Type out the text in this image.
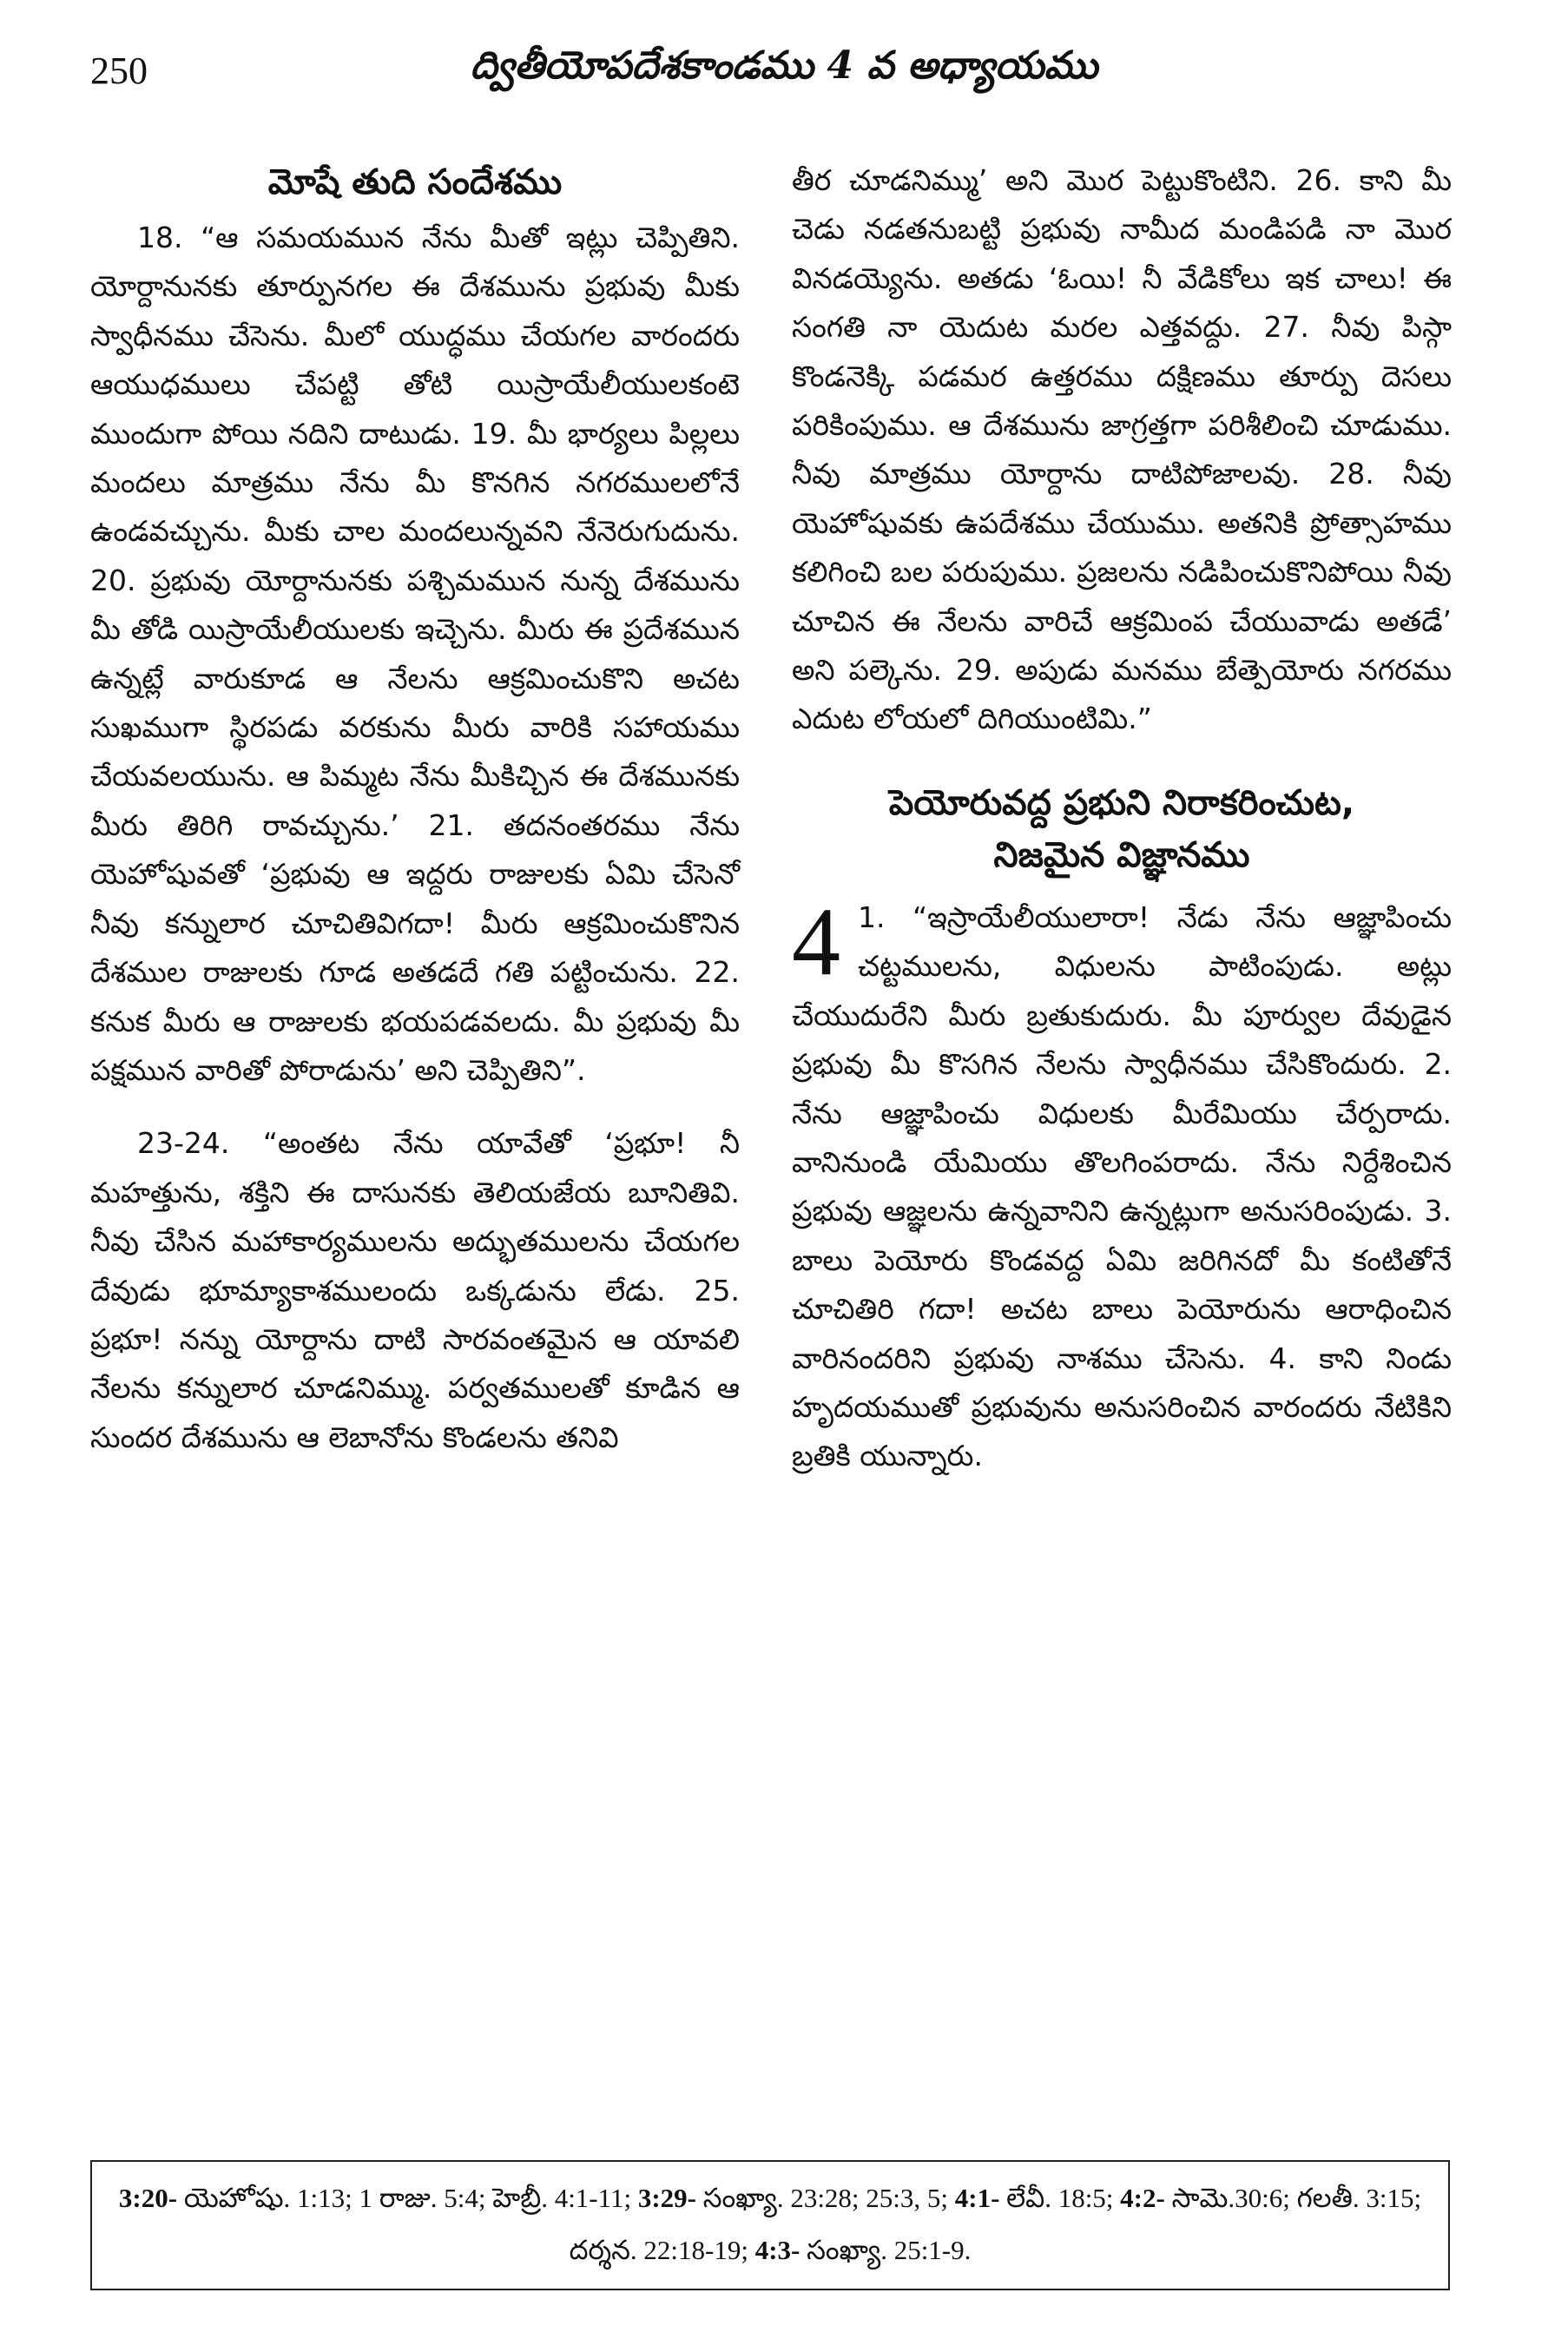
250	ద్వితీయోపదేశకాండము 4 వ అధ్యాయము
మోషే తుది సందేశము

18. “ఆ సమయమున నేను మీతో ఇట్లు చెప్పితిని. యోర్దానునకు తూర్పునగల ఈ దేశమును ప్రభువు మీకు స్వాధీనము చేసెను. మీలో యుద్ధము చేయగల వారందరు ఆయుధములు చేపట్టి తోటి యిస్రాయేలీయులకంటె ముందుగా పోయి నదిని దాటుడు. 19. మీ భార్యలు పిల్లలు మందలు మాత్రము నేను మీ కొనగిన నగరములలోనే ఉండవచ్చును. మీకు చాల మందలున్నవని నేనెరుగుదును. 20. ప్రభువు యోర్దానునకు పశ్చిమమున నున్న దేశమును మీ తోడి యిస్రాయేలీయులకు ఇచ్చెను. మీరు ఈ ప్రదేశమున ఉన్నట్లే వారుకూడ ఆ నేలను ఆక్రమించుకొని అచట సుఖముగా స్థిరపడు వరకును మీరు వారికి సహాయము చేయవలయును. ఆ పిమ్మట నేను మీకిచ్చిన ఈ దేశమునకు మీరు తిరిగి రావచ్చును.’ 21. తదనంతరము నేను యెహోషువతో ‘ప్రభువు ఆ ఇద్దరు రాజులకు ఏమి చేసెనో నీవు కన్నులార చూచితివిగదా! మీరు ఆక్రమించుకొనిన దేశముల రాజులకు గూడ అతడదే గతి పట్టించును. 22. కనుక మీరు ఆ రాజులకు భయపడవలదు. మీ ప్రభువు మీ పక్షమున వారితో పోరాడును’ అని చెప్పితిని”.

23-24. “అంతట నేను యావేతో ‘ప్రభూ! నీ మహత్తును, శక్తిని ఈ దాసునకు తెలియజేయ బూనితివి. నీవు చేసిన మహాకార్యములను అద్భుతములను చేయగల దేవుడు భూమ్యాకాశములందు ఒక్కడును లేడు. 25. ప్రభూ! నన్ను యోర్దాను దాటి సారవంతమైన ఆ యావలి నేలను కన్నులార చూడనిమ్ము. పర్వతములతో కూడిన ఆ సుందర దేశమును ఆ లెబానోను కొండలను తనివి

తీర చూడనిమ్ము’ అని మొర పెట్టుకొంటిని. 26. కాని మీ చెడు నడతనుబట్టి ప్రభువు నామీద మండిపడి నా మొర వినడయ్యెను. అతడు ‘ఓయి! నీ వేడికోలు ఇక చాలు! ఈ సంగతి నా యెదుట మరల ఎత్తవద్దు. 27. నీవు పిస్గా కొండనెక్కి పడమర ఉత్తరము దక్షిణము తూర్పు దెసలు పరికింపుము. ఆ దేశమును జాగ్రత్తగా పరిశీలించి చూడుము. నీవు మాత్రము యోర్దాను దాటిపోజాలవు. 28. నీవు యెహోషువకు ఉపదేశము చేయుము. అతనికి ప్రోత్సాహము కలిగించి బల పరుపుము. ప్రజలను నడిపించుకొనిపోయి నీవు చూచిన ఈ నేలను వారిచే ఆక్రమింప చేయువాడు అతడే’ అని పల్కెను. 29. అపుడు మనము బేత్పెయోరు నగరము ఎదుట లోయలో దిగియుంటిమి.”

పెయోరువద్ద ప్రభుని నిరాకరించుట,
నిజమైన విజ్ఞానము
4 1. “ఇస్రాయేలీయులారా! నేడు నేను ఆజ్ఞాపించు చట్టములను, విధులను పాటింపుడు. అట్లు చేయుదురేని మీరు బ్రతుకుదురు. మీ పూర్వుల దేవుడైన ప్రభువు మీ కొసగిన నేలను స్వాధీనము చేసికొందురు. 2. నేను ఆజ్ఞాపించు విధులకు మీరేమియు చేర్పరాదు. వానినుండి యేమియు తొలగింపరాదు. నేను నిర్దేశించిన ప్రభువు ఆజ్ఞలను ఉన్నవానిని ఉన్నట్లుగా అనుసరింపుడు. 3. బాలు పెయోరు కొండవద్ద ఏమి జరిగినదో మీ కంటితోనే చూచితిరి గదా! అచట బాలు పెయోరును ఆరాధించిన వారినందరిని ప్రభువు నాశము చేసెను. 4. కాని నిండు హృదయముతో ప్రభువును అనుసరించిన వారందరు నేటికిని బ్రతికి యున్నారు.

3:20- యెహోషు. 1:13; 1 రాజు. 5:4; హెబ్రీ. 4:1-11; 3:29- సంఖ్యా. 23:28; 25:3, 5; 4:1- లేవీ. 18:5; 4:2- సామె.30:6; గలతీ. 3:15; దర్శన. 22:18-19; 4:3- సంఖ్యా. 25:1-9.
